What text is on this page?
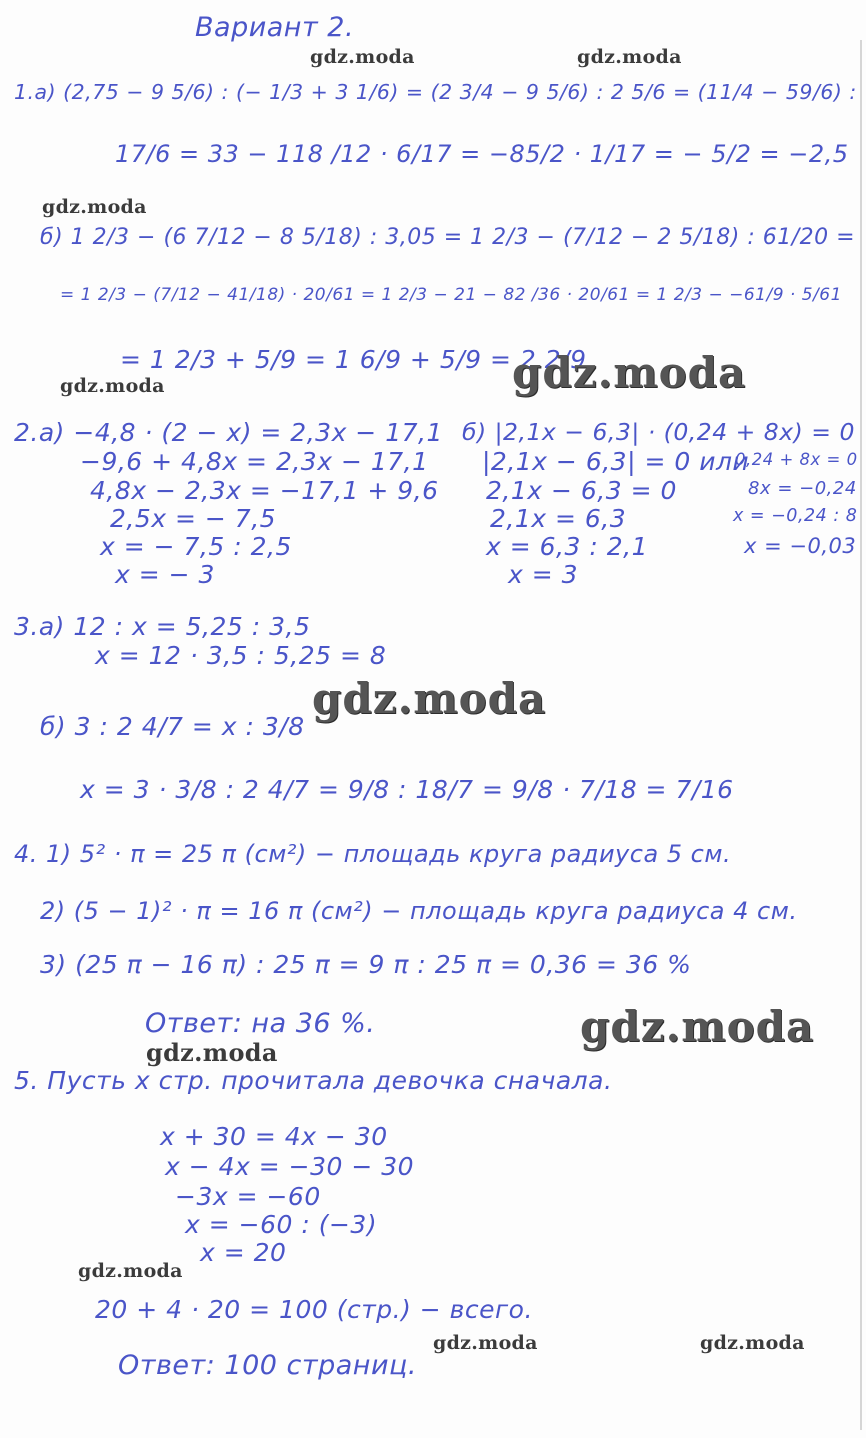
Вариант 2.
1.а) (2,75 − 9 5/6) : (− 1/3 + 3 1/6) = (2 3/4 − 9 5/6) : 2 5/6 = (11/4 − 59/6) :
17/6 = 33 − 118 /12 · 6/17 = −85/2 · 1/17 = − 5/2 = −2,5
б) 1 2/3 − (6 7/12 − 8 5/18) : 3,05 = 1 2/3 − (7/12 − 2 5/18) : 61/20 =
= 1 2/3 − (7/12 − 41/18) · 20/61 = 1 2/3 − 21 − 82 /36 · 20/61 = 1 2/3 − −61/9 · 5/61
= 1 2/3 + 5/9 = 1 6/9 + 5/9 = 2 2/9
2.а) −4,8 · (2 − x) = 2,3x − 17,1
−9,6 + 4,8x = 2,3x − 17,1
4,8x − 2,3x = −17,1 + 9,6
2,5x = − 7,5
x = − 7,5 : 2,5
x = − 3
б) |2,1x − 6,3| · (0,24 + 8x) = 0
|2,1x − 6,3| = 0 или
2,1x − 6,3 = 0
2,1x = 6,3
x = 6,3 : 2,1
x = 3
0,24 + 8x = 0
8x = −0,24
x = −0,24 : 8
x = −0,03
3.а) 12 : x = 5,25 : 3,5
x = 12 · 3,5 : 5,25 = 8
б) 3 : 2 4/7 = x : 3/8
x = 3 · 3/8 : 2 4/7 = 9/8 : 18/7 = 9/8 · 7/18 = 7/16
4. 1) 5² · π = 25 π (см²) − площадь круга радиуса 5 см.
2) (5 − 1)² · π = 16 π (см²) − площадь круга радиуса 4 см.
3) (25 π − 16 π) : 25 π = 9 π : 25 π = 0,36 = 36 %
Ответ: на 36 %.
5. Пусть x стр. прочитала девочка сначала.
x + 30 = 4x − 30
x − 4x = −30 − 30
−3x = −60
x = −60 : (−3)
x = 20
20 + 4 · 20 = 100 (стр.) − всего.
Ответ: 100 страниц.
gdz.moda	gdz.moda
gdz.moda
gdz.moda	gdz.moda
gdz.moda
gdz.moda
gdz.moda
gdz.moda
gdz.moda	gdz.moda
